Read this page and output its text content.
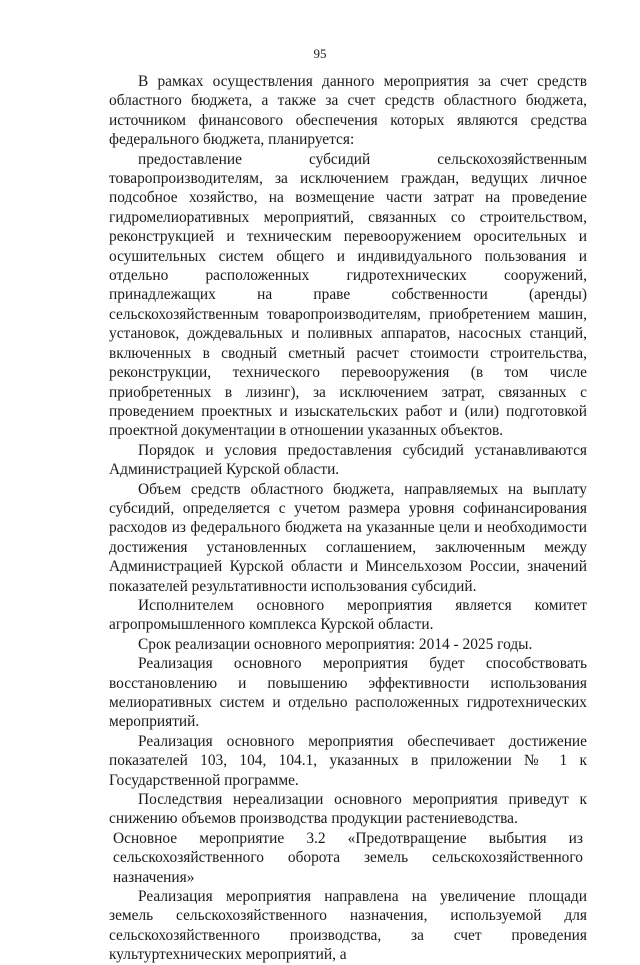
95

В рамках осуществления данного мероприятия за счет средств областного бюджета, а также за счет средств областного бюджета, источником финансового обеспечения которых являются средства федерального бюджета, планируется:

предоставление субсидий сельскохозяйственным товаропроизводителям, за исключением граждан, ведущих личное подсобное хозяйство, на возмещение части затрат на проведение гидромелиоративных мероприятий, связанных со строительством, реконструкцией и техническим перевооружением оросительных и осушительных систем общего и индивидуального пользования и отдельно расположенных гидротехнических сооружений, принадлежащих на праве собственности (аренды) сельскохозяйственным товаропроизводителям, приобретением машин, установок, дождевальных и поливных аппаратов, насосных станций, включенных в сводный сметный расчет стоимости строительства, реконструкции, технического перевооружения (в том числе приобретенных в лизинг), за исключением затрат, связанных с проведением проектных и изыскательских работ и (или) подготовкой проектной документации в отношении указанных объектов.

Порядок и условия предоставления субсидий устанавливаются Администрацией Курской области.

Объем средств областного бюджета, направляемых на выплату субсидий, определяется с учетом размера уровня софинансирования расходов из федерального бюджета на указанные цели и необходимости достижения установленных соглашением, заключенным между Администрацией Курской области и Минсельхозом России, значений показателей результативности использования субсидий.

Исполнителем основного мероприятия является комитет агропромышленного комплекса Курской области.

Срок реализации основного мероприятия: 2014 - 2025 годы.

Реализация основного мероприятия будет способствовать восстановлению и повышению эффективности использования мелиоративных систем и отдельно расположенных гидротехнических мероприятий.

Реализация основного мероприятия обеспечивает достижение показателей 103, 104, 104.1, указанных в приложении № 1 к Государственной программе.

Последствия нереализации основного мероприятия приведут к снижению объемов производства продукции растениеводства.

Основное мероприятие 3.2 «Предотвращение выбытия из сельскохозяйственного оборота земель сельскохозяйственного назначения»

Реализация мероприятия направлена на увеличение площади земель сельскохозяйственного назначения, используемой для сельскохозяйственного производства, за счет проведения культуртехнических мероприятий, а
